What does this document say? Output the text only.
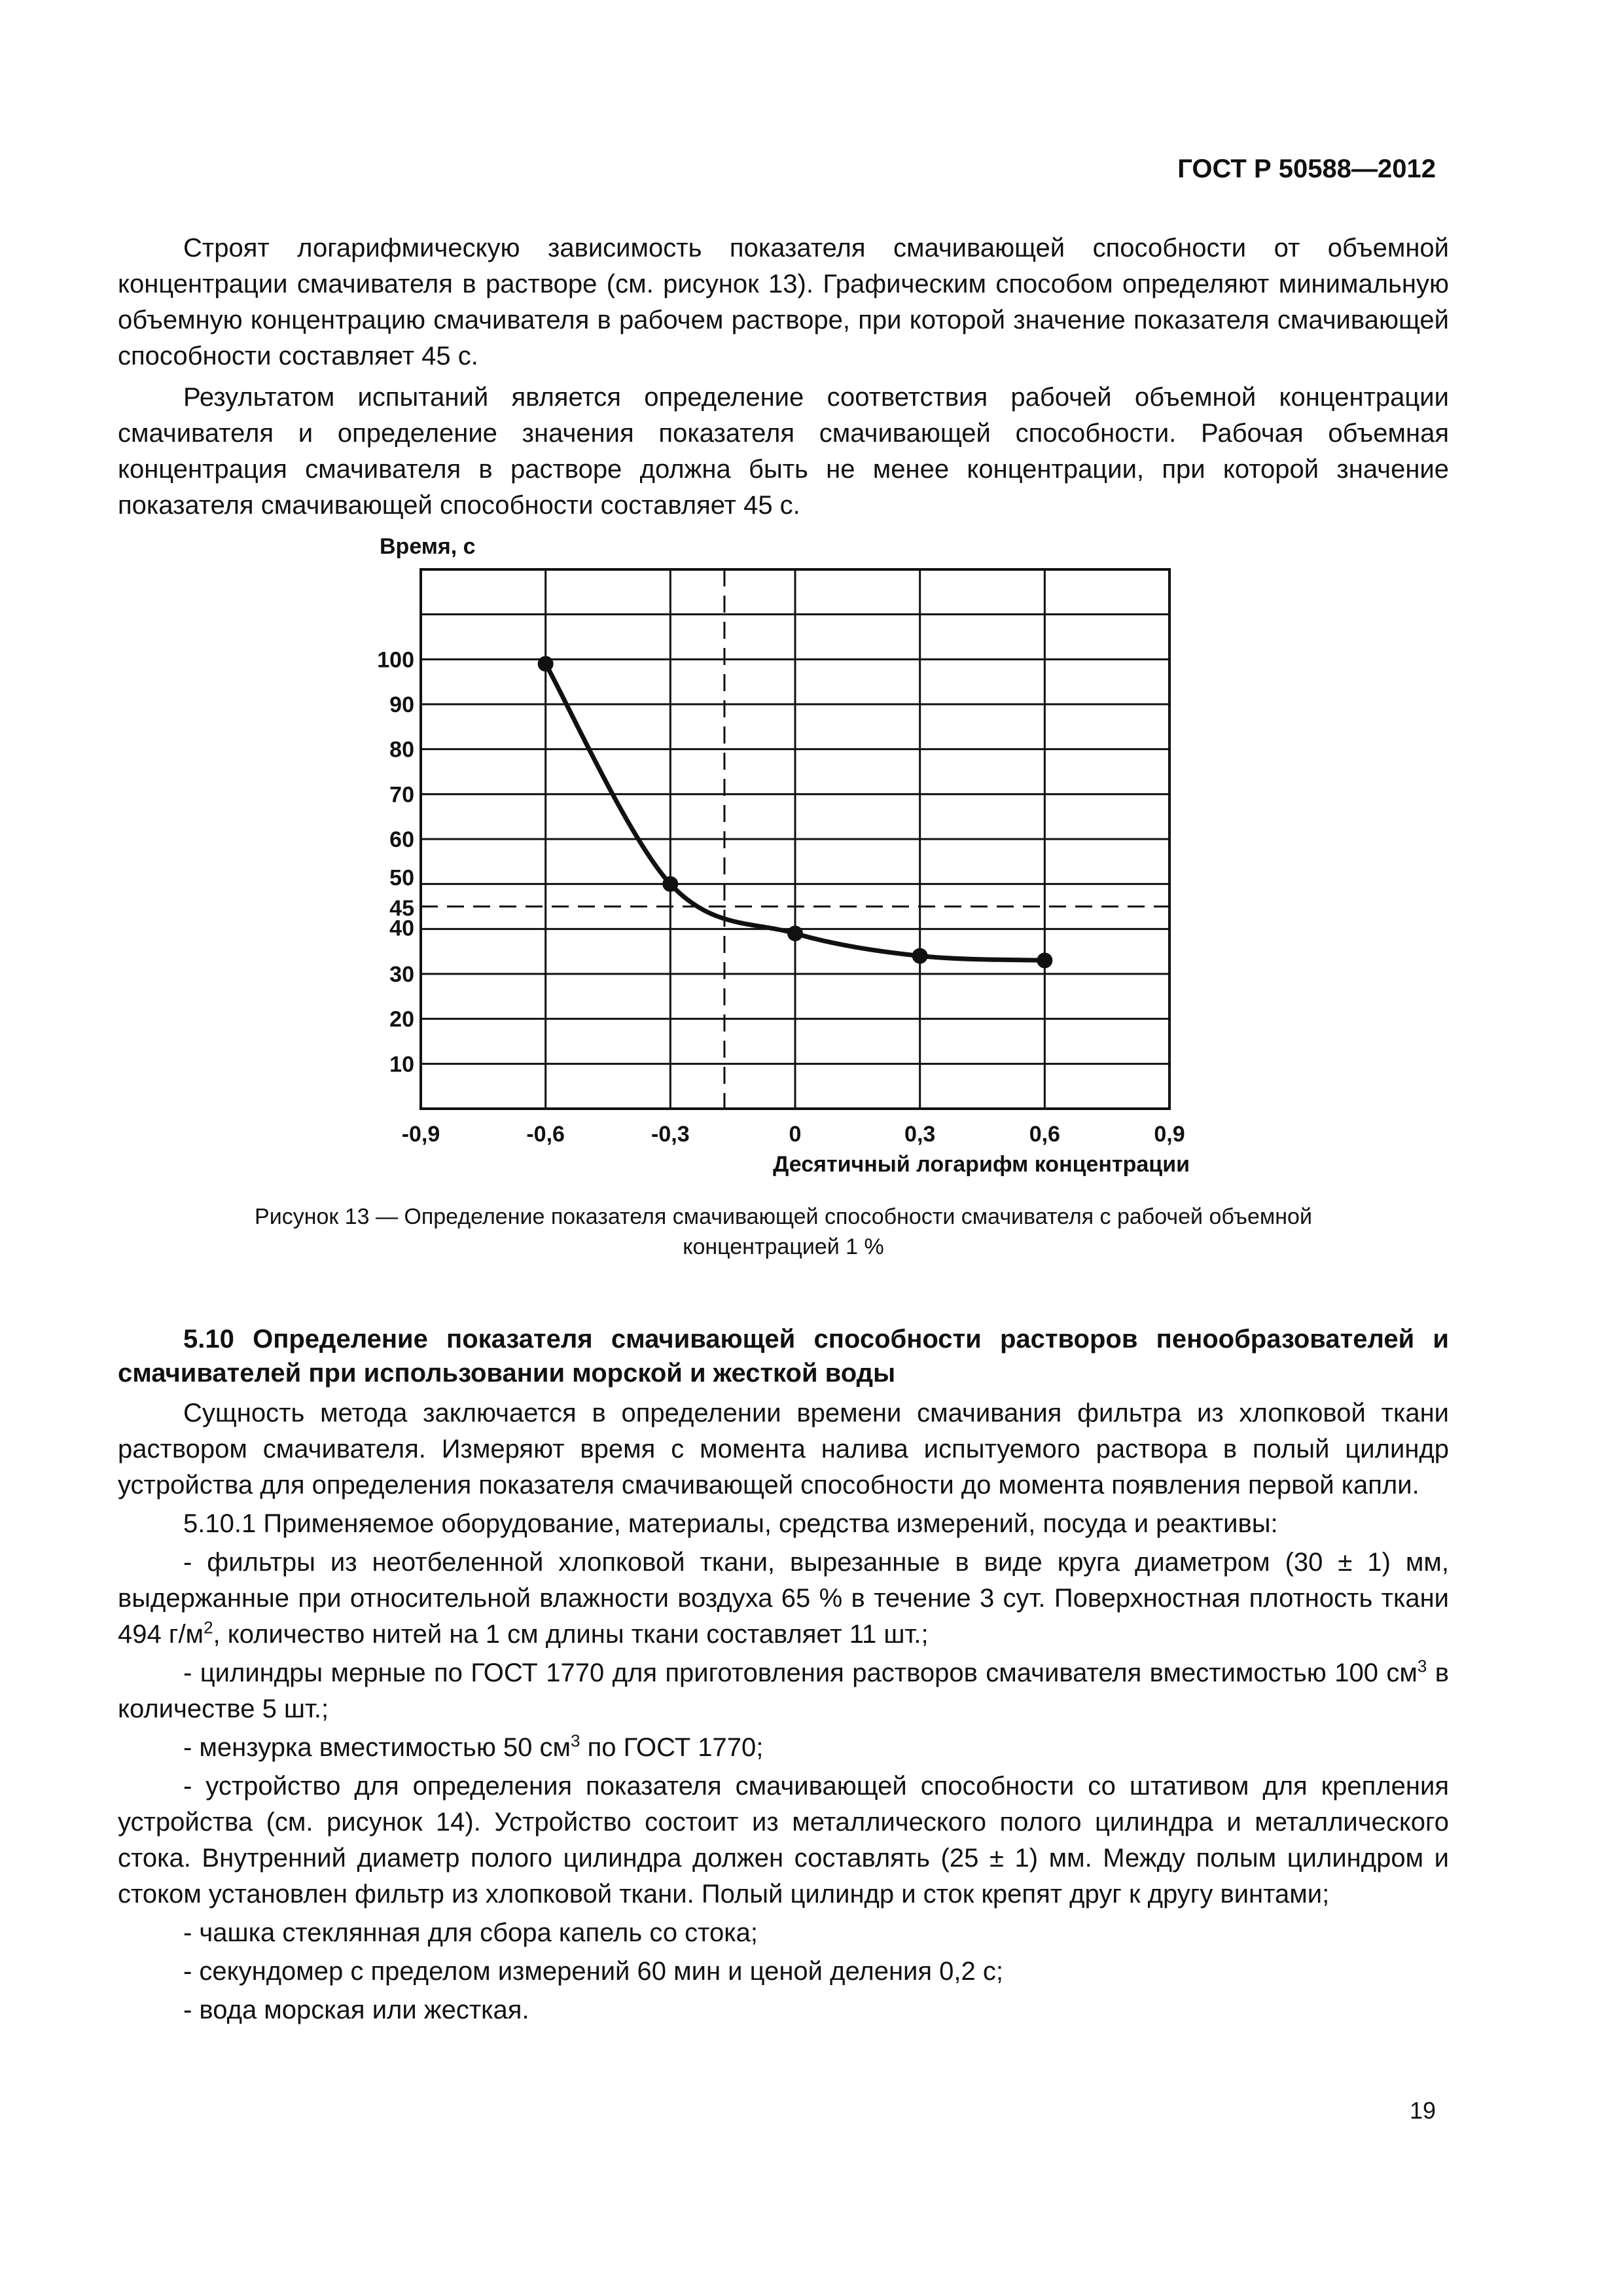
ГОСТ Р 50588—2012

Строят логарифмическую зависимость показателя смачивающей способности от объемной концентрации смачивателя в растворе (см. рисунок 13). Графическим способом определяют минимальную объемную концентрацию смачивателя в рабочем растворе, при которой значение показателя смачивающей способности составляет 45 с.

Результатом испытаний является определение соответствия рабочей объемной концентрации смачивателя и определение значения показателя смачивающей способности. Рабочая объемная концентрация смачивателя в растворе должна быть не менее концентрации, при которой значение показателя смачивающей способности составляет 45 с.

10
20
30
40
45
50
60
70
80
90
100
-0,9	-0,6	-0,3	0	0,3	0,6	0,9
Время, с
Десятичный логарифм концентрации
Рисунок 13 — Определение показателя смачивающей способности смачивателя с рабочей объемной
концентрацией 1 %

5.10 Определение показателя смачивающей способности растворов пенообразователей и смачивателей при использовании морской и жесткой воды

Сущность метода заключается в определении времени смачивания фильтра из хлопковой ткани раствором смачивателя. Измеряют время с момента налива испытуемого раствора в полый цилиндр устройства для определения показателя смачивающей способности до момента появления первой капли.

5.10.1 Применяемое оборудование, материалы, средства измерений, посуда и реактивы:

- фильтры из неотбеленной хлопковой ткани, вырезанные в виде круга диаметром (30 ± 1) мм, выдержанные при относительной влажности воздуха 65 % в течение 3 сут. Поверхностная плотность ткани 494 $г/м^2$, количество нитей на 1 см длины ткани составляет 11 шт.;

- цилиндры мерные по ГОСТ 1770 для приготовления растворов смачивателя вместимостью 100 $см^3$ в количестве 5 шт.;

- мензурка вместимостью 50 $см^3$ по ГОСТ 1770;

- устройство для определения показателя смачивающей способности со штативом для крепления устройства (см. рисунок 14). Устройство состоит из металлического полого цилиндра и металлического стока. Внутренний диаметр полого цилиндра должен составлять (25 ± 1) мм. Между полым цилиндром и стоком установлен фильтр из хлопковой ткани. Полый цилиндр и сток крепят друг к другу винтами;

- чашка стеклянная для сбора капель со стока;

- секундомер с пределом измерений 60 мин и ценой деления 0,2 с;

- вода морская или жесткая.

19
